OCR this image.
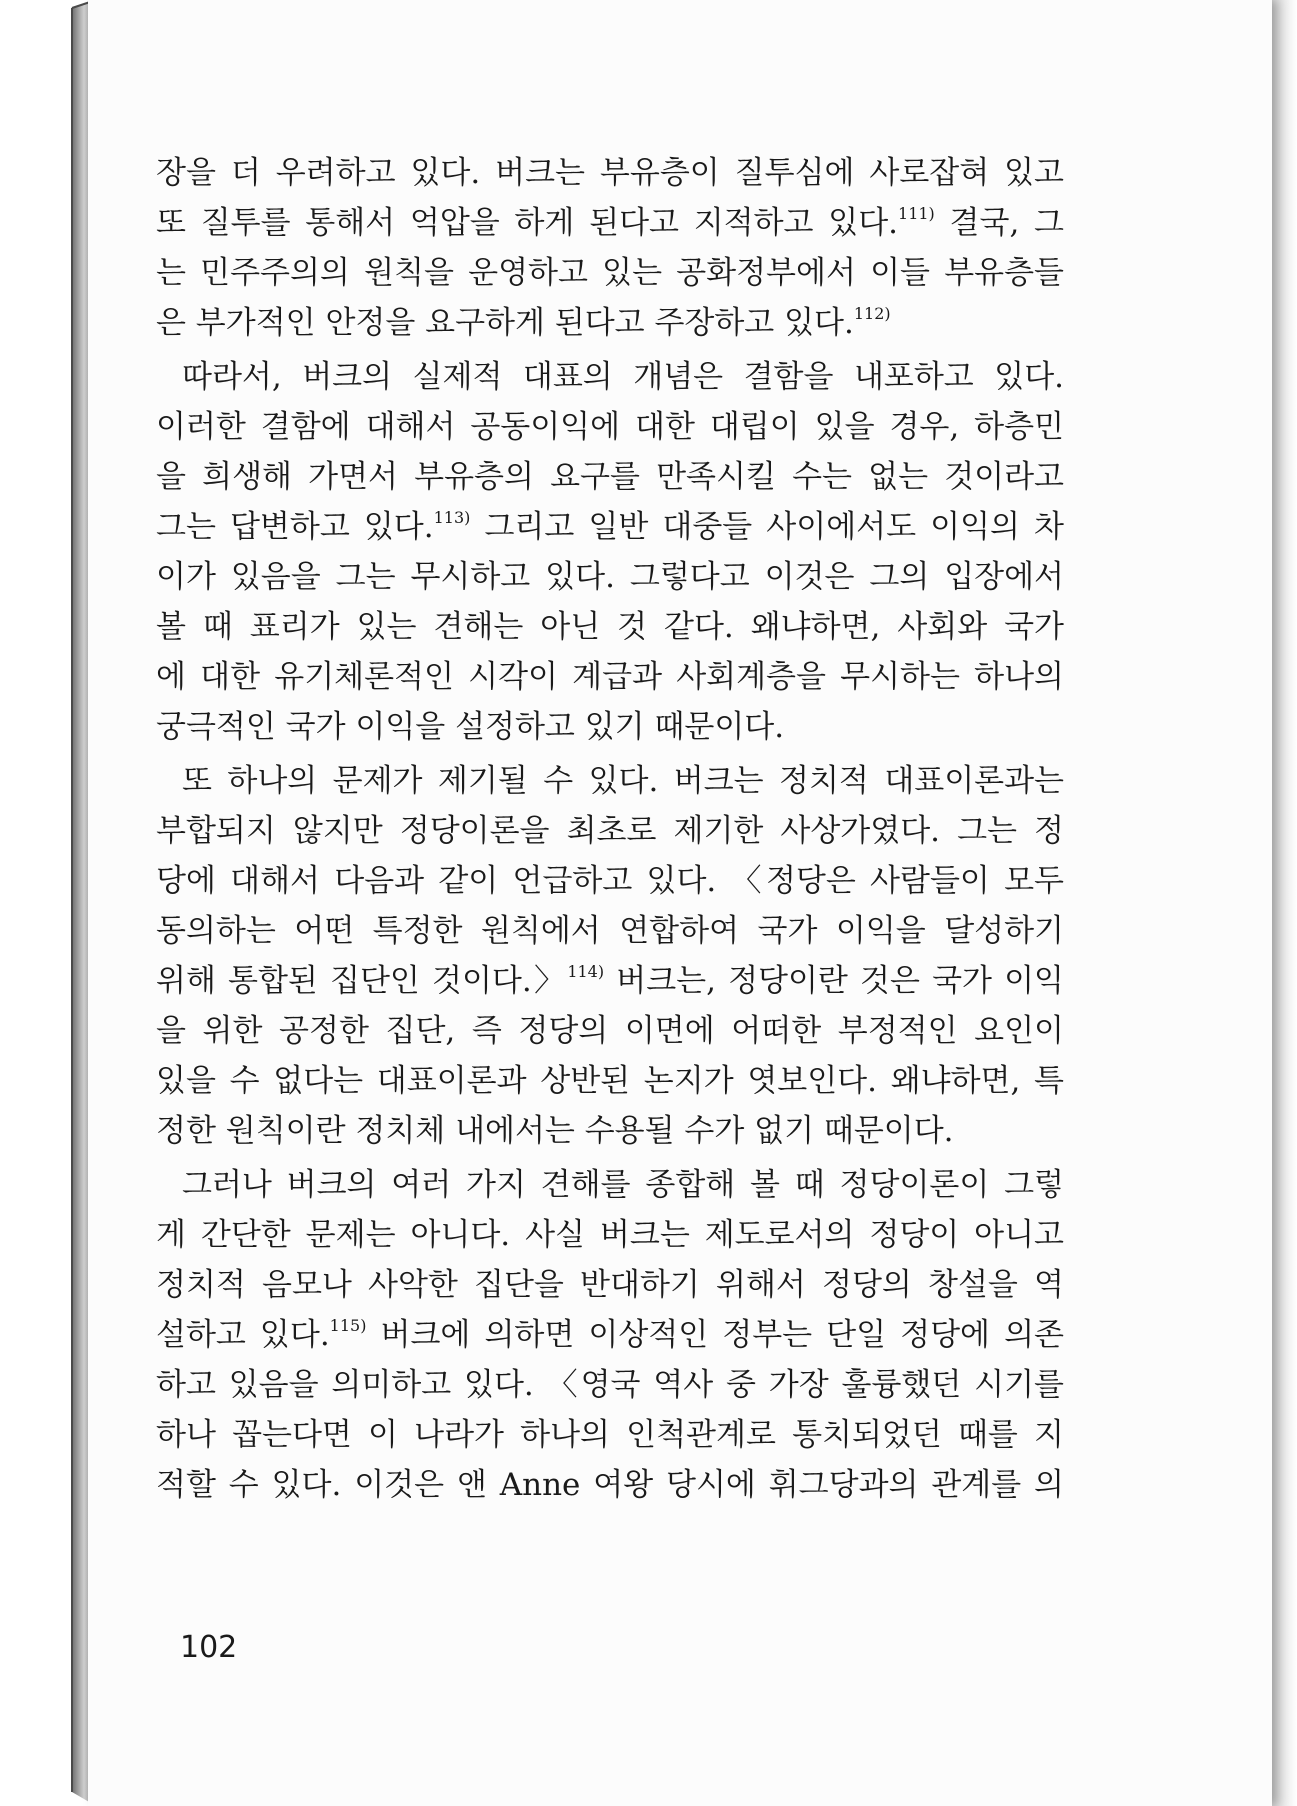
장을 더 우려하고 있다. 버크는 부유층이 질투심에 사로잡혀 있고
또 질투를 통해서 억압을 하게 된다고 지적하고 있다.$^{111)}$ 결국, 그
는 민주주의의 원칙을 운영하고 있는 공화정부에서 이들 부유층들
은 부가적인 안정을 요구하게 된다고 주장하고 있다.$^{112)}$
따라서, 버크의 실제적 대표의 개념은 결함을 내포하고 있다.
이러한 결함에 대해서 공동이익에 대한 대립이 있을 경우, 하층민
을 희생해 가면서 부유층의 요구를 만족시킬 수는 없는 것이라고
그는 답변하고 있다.$^{113)}$ 그리고 일반 대중들 사이에서도 이익의 차
이가 있음을 그는 무시하고 있다. 그렇다고 이것은 그의 입장에서
볼 때 표리가 있는 견해는 아닌 것 같다. 왜냐하면, 사회와 국가
에 대한 유기체론적인 시각이 계급과 사회계층을 무시하는 하나의
궁극적인 국가 이익을 설정하고 있기 때문이다.
또 하나의 문제가 제기될 수 있다. 버크는 정치적 대표이론과는
부합되지 않지만 정당이론을 최초로 제기한 사상가였다. 그는 정
당에 대해서 다음과 같이 언급하고 있다. 〈정당은 사람들이 모두
동의하는 어떤 특정한 원칙에서 연합하여 국가 이익을 달성하기
위해 통합된 집단인 것이다.〉$^{114)}$ 버크는, 정당이란 것은 국가 이익
을 위한 공정한 집단, 즉 정당의 이면에 어떠한 부정적인 요인이
있을 수 없다는 대표이론과 상반된 논지가 엿보인다. 왜냐하면, 특
정한 원칙이란 정치체 내에서는 수용될 수가 없기 때문이다.
그러나 버크의 여러 가지 견해를 종합해 볼 때 정당이론이 그렇
게 간단한 문제는 아니다. 사실 버크는 제도로서의 정당이 아니고
정치적 음모나 사악한 집단을 반대하기 위해서 정당의 창설을 역
설하고 있다.$^{115)}$ 버크에 의하면 이상적인 정부는 단일 정당에 의존
하고 있음을 의미하고 있다. 〈영국 역사 중 가장 훌륭했던 시기를
하나 꼽는다면 이 나라가 하나의 인척관계로 통치되었던 때를 지
적할 수 있다. 이것은 앤 Anne 여왕 당시에 휘그당과의 관계를 의
102
